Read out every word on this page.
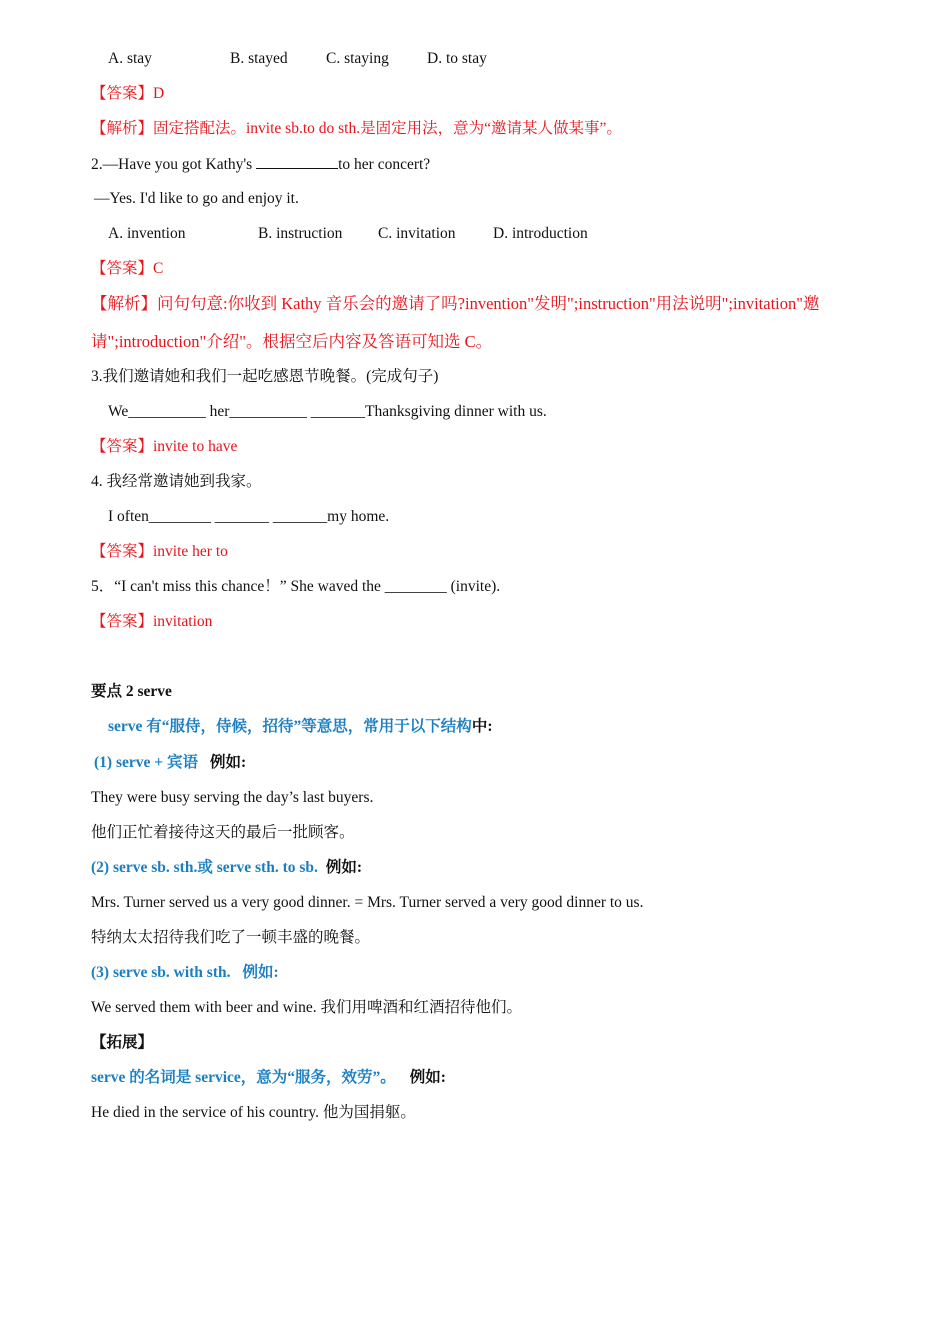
A. stay	B. stayed C. staying D. to stay
【答案】D
【解析】固定搭配法。invite sb.to do sth.是固定用法，意为“邀请某人做某事”。
2.—Have you got Kathy's	to her concert?
—Yes. I'd like to go and enjoy it.
A. invention	B. instruction C. invitation D. introduction
【答案】C
【解析】问句句意:你收到 Kathy 音乐会的邀请了吗?invention"发明";instruction"用法说明";invitation"邀
请";introduction"介绍"。根据空后内容及答语可知选 C。
3.我们邀请她和我们一起吃感恩节晚餐。(完成句子)
We__________ her__________ _______Thanksgiving dinner with us.
【答案】invite to have
4. 我经常邀请她到我家。
I often________ _______ _______my home.
【答案】invite her to
5．“I can't miss this chance！” She waved the ________ (invite).
【答案】invitation
要点 2 serve
serve 有“服侍，侍候，招待”等意思，常用于以下结构中:
(1) serve + 宾语 例如:
They were busy serving the day’s last buyers.
他们正忙着接待这天的最后一批顾客。
(2) serve sb. sth.或 serve sth. to sb. 例如:
Mrs. Turner served us a very good dinner. = Mrs. Turner served a very good dinner to us.
特纳太太招待我们吃了一顿丰盛的晚餐。
(3) serve sb. with sth. 例如:
We served them with beer and wine. 我们用啤酒和红酒招待他们。
【拓展】
serve 的名词是 service，意为“服务，效劳”。 例如:
He died in the service of his country. 他为国捐躯。
